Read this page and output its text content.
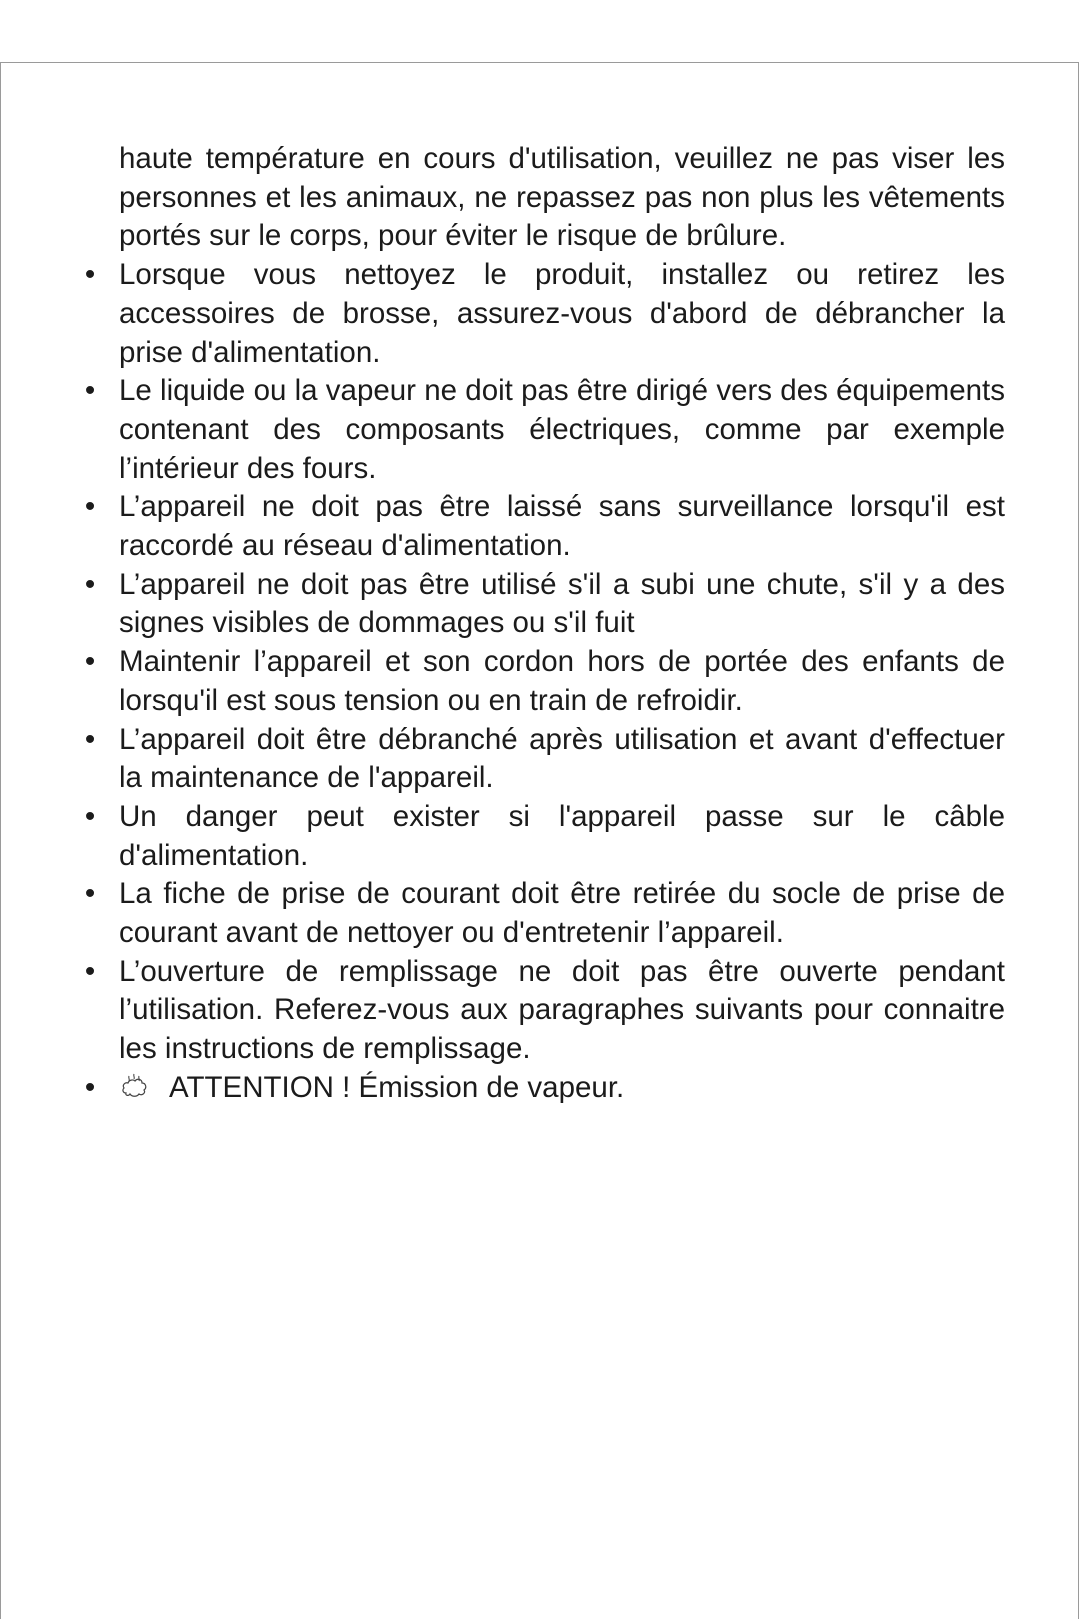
haute température en cours d'utilisation, veuillez ne pas viser les personnes et les animaux, ne repassez pas non plus les vêtements portés sur le corps, pour éviter le risque de brûlure.

• Lorsque vous nettoyez le produit, installez ou retirez les accessoires de brosse, assurez-vous d'abord de débrancher la prise d'alimentation.
• Le liquide ou la vapeur ne doit pas être dirigé vers des équipements contenant des composants électriques, comme par exemple l’intérieur des fours.
• L’appareil ne doit pas être laissé sans surveillance lorsqu'il est raccordé au réseau d'alimentation.
• L’appareil ne doit pas être utilisé s'il a subi une chute, s'il y a des signes visibles de dommages ou s'il fuit
• Maintenir l’appareil et son cordon hors de portée des enfants de lorsqu'il est sous tension ou en train de refroidir.
• L’appareil doit être débranché après utilisation et avant d'effectuer la maintenance de l'appareil.
• Un danger peut exister si l'appareil passe sur le câble d'alimentation.
• La fiche de prise de courant doit être retirée du socle de prise de courant avant de nettoyer ou d'entretenir l’appareil.
• L’ouverture de remplissage ne doit pas être ouverte pendant l’utilisation. Referez-vous aux paragraphes suivants pour connaitre les instructions de remplissage.
•	ATTENTION ! Émission de vapeur.
